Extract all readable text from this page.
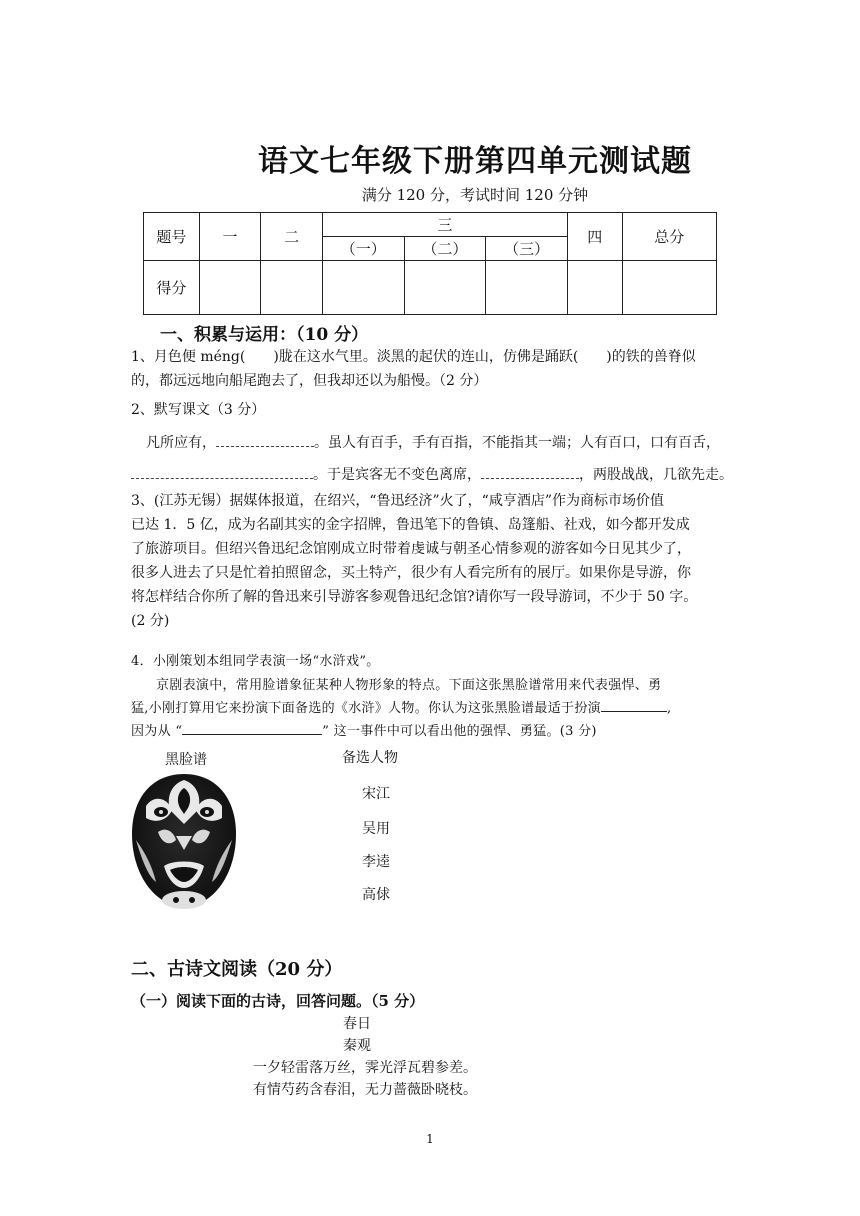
语文七年级下册第四单元测试题
满分 120 分，考试时间 120 分钟
题号	一	二	三			四	总分
			（一）	（二）	（三）		
得分							
一、积累与运用：（10 分）
1、月色便 méng(　　)胧在这水气里。淡黑的起伏的连山，仿佛是踊跃(　　)的铁的兽脊似
的，都远远地向船尾跑去了，但我却还以为船慢。（2 分）
2、默写课文（3 分）
凡所应有，	。虽人有百手，手有百指，不能指其一端；人有百口，口有百舌，
。于是宾客无不变色离席，	，两股战战，几欲先走。
3、(江苏无锡）据媒体报道，在绍兴，“鲁迅经济”火了，“咸亨酒店”作为商标市场价值
已达 1．5 亿，成为名副其实的金字招牌，鲁迅笔下的鲁镇、岛篷船、社戏，如今都开发成
了旅游项目。但绍兴鲁迅纪念馆刚成立时带着虔诚与朝圣心情参观的游客如今日见其少了，
很多人进去了只是忙着拍照留念，买土特产，很少有人看完所有的展厅。如果你是导游，你
将怎样结合你所了解的鲁迅来引导游客参观鲁迅纪念馆?请你写一段导游词，不少于 50 字。
(2 分)
4．小刚策划本组同学表演一场“水浒戏”。
京剧表演中，常用脸谱象征某种人物形象的特点。下面这张黑脸谱常用来代表强悍、勇
猛,小刚打算用它来扮演下面备选的《水浒》人物。你认为这张黑脸谱最适于扮演	,
因为从 “	” 这一事件中可以看出他的强悍、勇猛。(3 分)
黑脸谱	备选人物
宋江
吴用
李逵
高俅
二、古诗文阅读（20 分）
（一）阅读下面的古诗，回答问题。（5 分）
春日
秦观
一夕轻雷落万丝，霁光浮瓦碧参差。
有情芍药含春泪，无力蔷薇卧晓枝。
1
